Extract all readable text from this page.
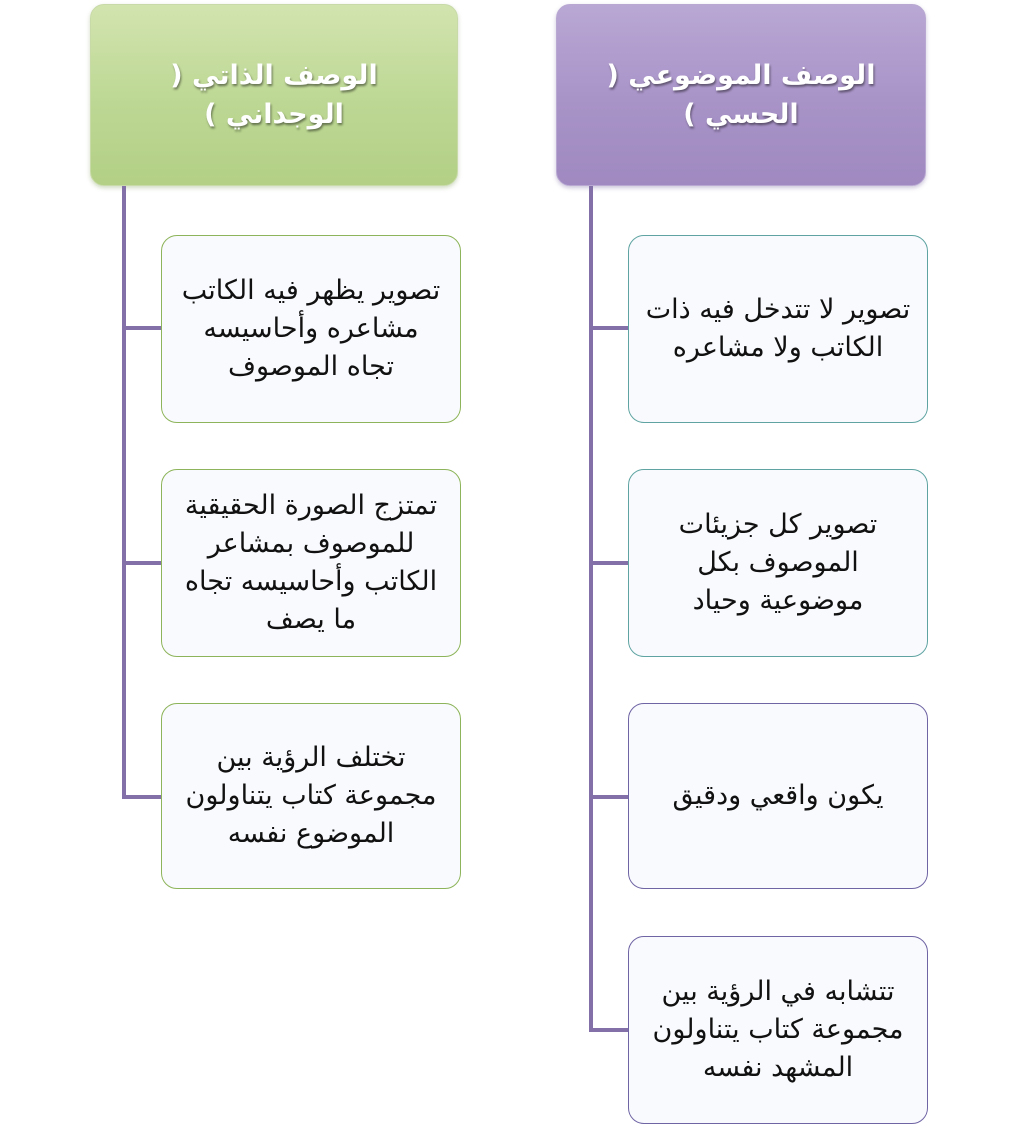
الوصف الذاتي ( الوجداني )
تصوير يظهر فيه الكاتب مشاعره وأحاسيسه تجاه الموصوف
تمتزج الصورة الحقيقية للموصوف بمشاعر الكاتب وأحاسيسه تجاه ما يصف
تختلف الرؤية بين مجموعة كتاب يتناولون الموضوع نفسه
الوصف الموضوعي ( الحسي )
تصوير لا تتدخل فيه ذات الكاتب ولا مشاعره
تصوير كل جزيئات الموصوف بكل موضوعية وحياد
يكون واقعي ودقيق
تتشابه في الرؤية بين مجموعة كتاب يتناولون المشهد نفسه
